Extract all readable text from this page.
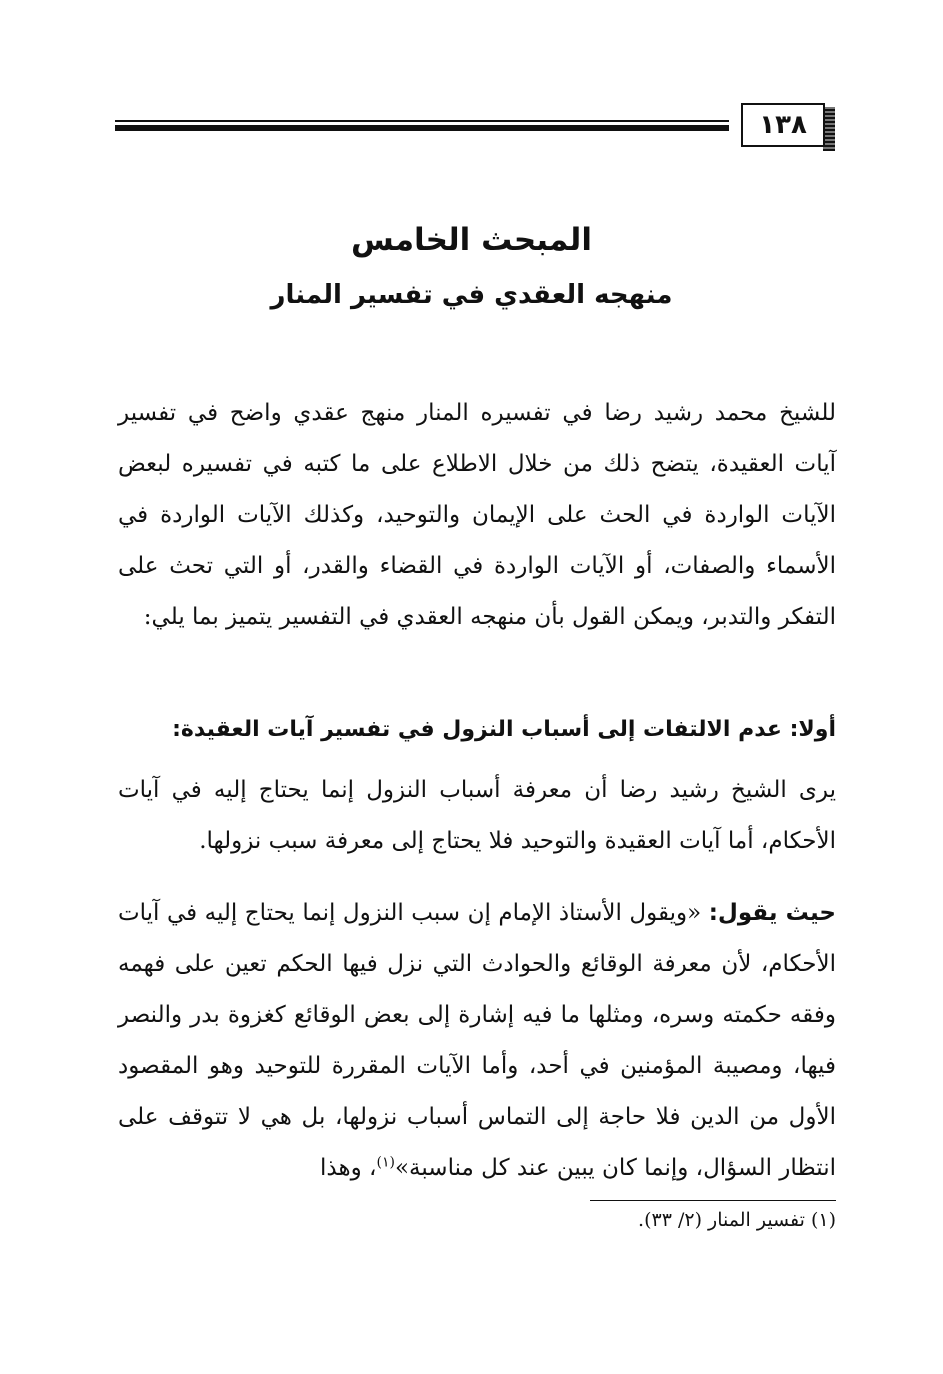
١٣٨
المبحث الخامس
منهجه العقدي في تفسير المنار

للشيخ محمد رشيد رضا في تفسيره المنار منهج عقدي واضح في تفسير آيات العقيدة، يتضح ذلك من خلال الاطلاع على ما كتبه في تفسيره لبعض الآيات الواردة في الحث على الإيمان والتوحيد، وكذلك الآيات الواردة في الأسماء والصفات، أو الآيات الواردة في القضاء والقدر، أو التي تحث على التفكر والتدبر، ويمكن القول بأن منهجه العقدي في التفسير يتميز بما يلي:

أولا: عدم الالتفات إلى أسباب النزول في تفسير آيات العقيدة:

يرى الشيخ رشيد رضا أن معرفة أسباب النزول إنما يحتاج إليه في آيات الأحكام، أما آيات العقيدة والتوحيد فلا يحتاج إلى معرفة سبب نزولها.

حيث يقول: «ويقول الأستاذ الإمام إن سبب النزول إنما يحتاج إليه في آيات الأحكام، لأن معرفة الوقائع والحوادث التي نزل فيها الحكم تعين على فهمه وفقه حكمته وسره، ومثلها ما فيه إشارة إلى بعض الوقائع كغزوة بدر والنصر فيها، ومصيبة المؤمنين في أحد، وأما الآيات المقررة للتوحيد وهو المقصود الأول من الدين فلا حاجة إلى التماس أسباب نزولها، بل هي لا تتوقف على انتظار السؤال، وإنما كان يبين عند كل مناسبة»$^{(١)}$، وهذا

(١) تفسير المنار (٢/ ٣٣).
